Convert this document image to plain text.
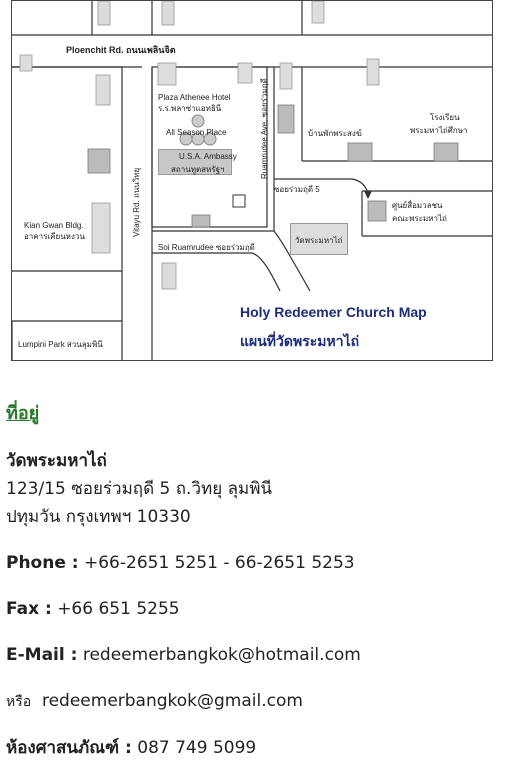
Ploenchit Rd. ถนนเพลินจิต
Plaza Athenee Hotel
ร.ร.พลาซ่าแอทธินี
All Season Place
U.S.A. Ambassy
สถานทูตสหรัฐฯ
Vitayu Rd. ถนนวิทยุ
Ruamrudee Ave. ซอยร่วมฤดี
Kian Gwan Bldg.
อาคารเคียนหงวน
Soi Ruamrudee ซอยร่วมฤดี
ซอยร่วมฤดี 5
Lumpini Park สวนลุมพินี
บ้านพักพระสงฆ์
โรงเรียน
พระมหาไถ่ศึกษา
ศูนย์สื่อมวลชน
คณะพระมหาไถ่
วัดพระมหาไถ่
Holy Redeemer Church Map
แผนที่วัดพระมหาไถ่

ที่อยู่

วัดพระมหาไถ่

123/15 ซอยร่วมฤดี 5 ถ.วิทยุ ลุมพินี

ปทุมวัน กรุงเทพฯ 10330

Phone : +66-2651 5251 - 66-2651 5253

Fax : +66 651 5255

E-Mail : redeemerbangkok@hotmail.com

หรือ redeemerbangkok@gmail.com

ห้องศาสนภัณฑ์ : 087 749 5099
